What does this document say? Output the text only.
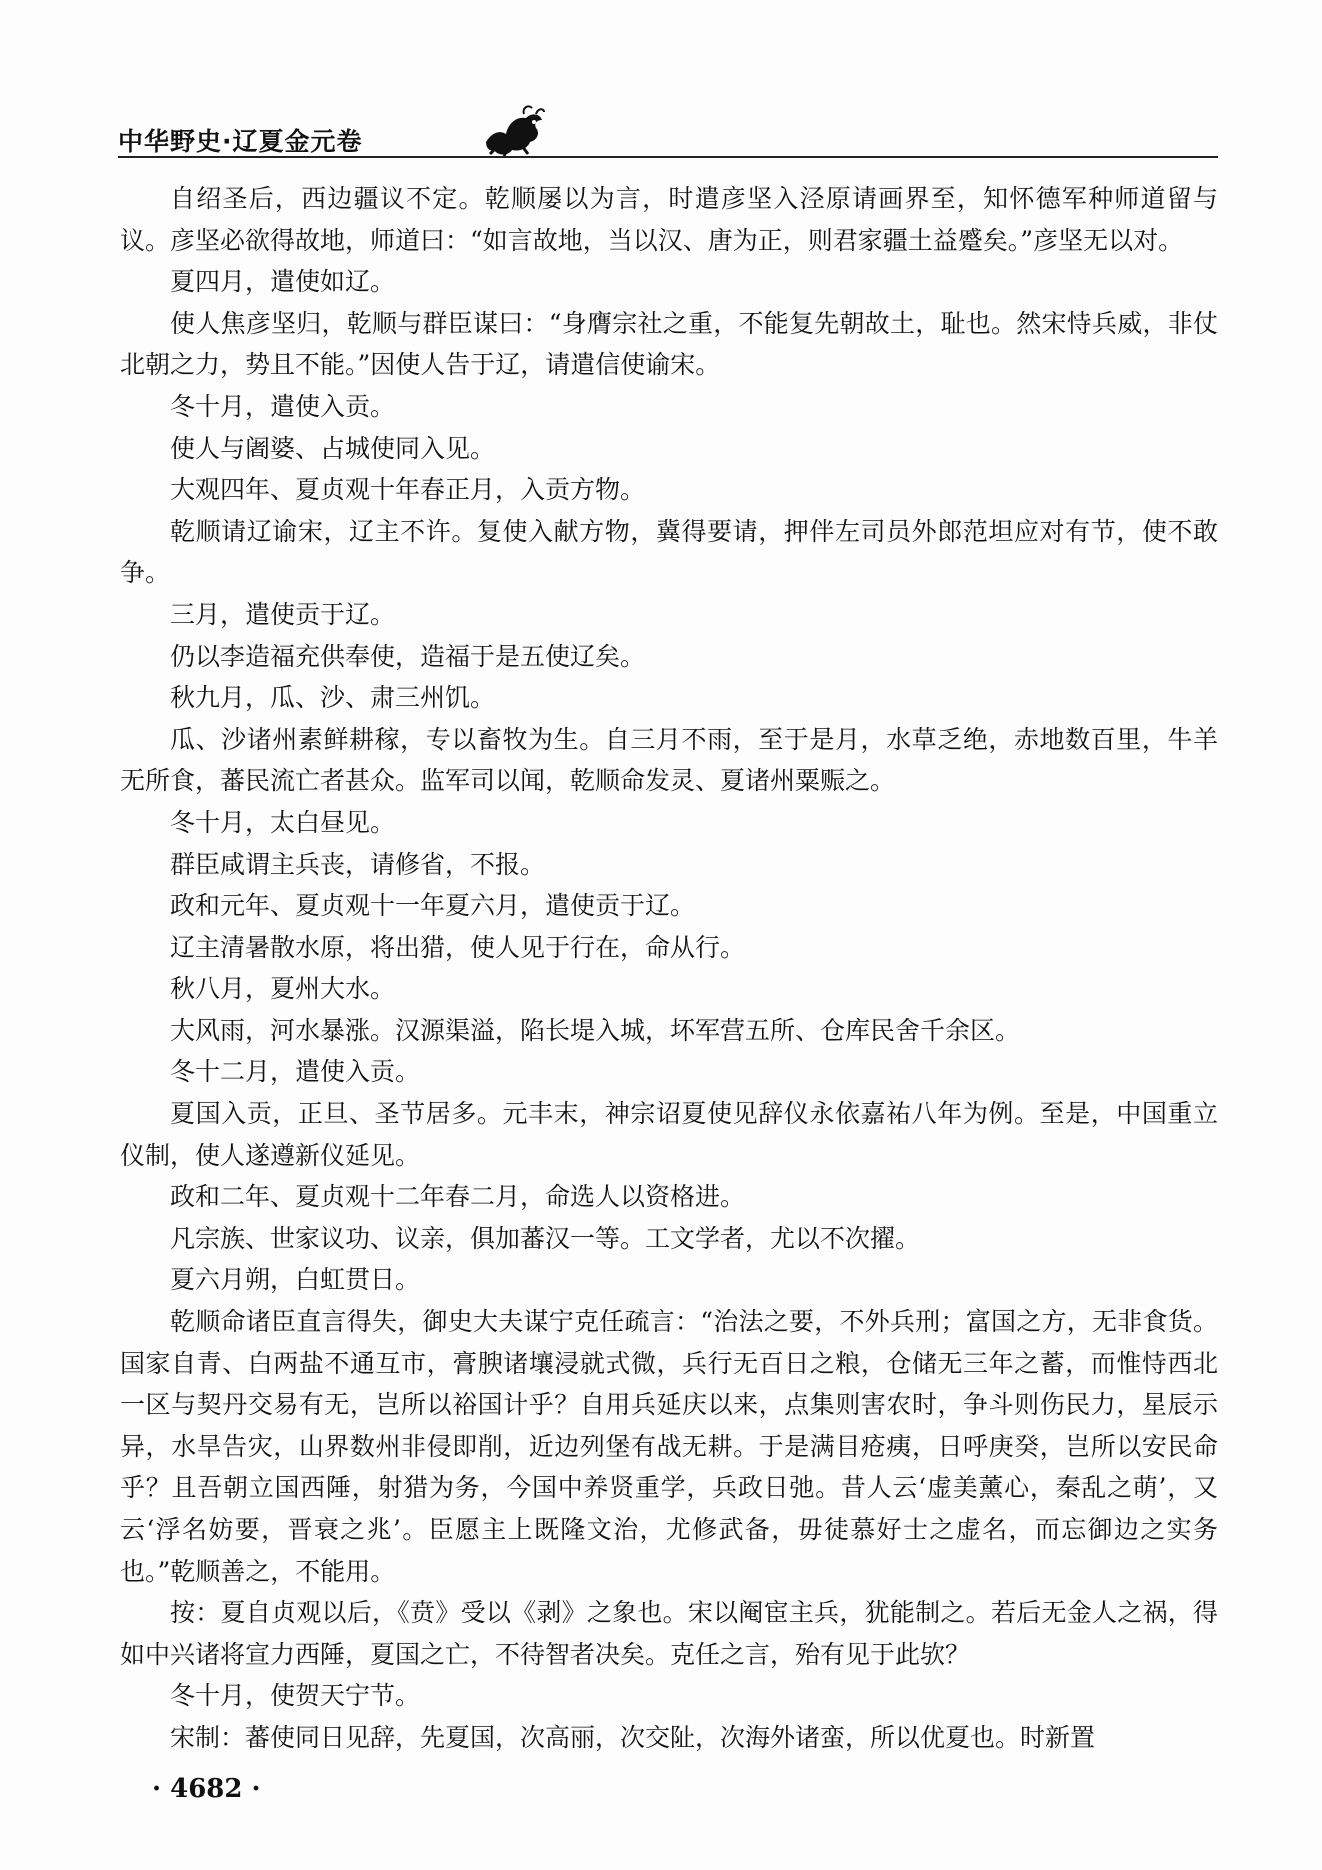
中华野史·辽夏金元卷

自绍圣后，西边疆议不定。乾顺屡以为言，时遣彦坚入泾原请画界至，知怀德军种师道留与议。彦坚必欲得故地，师道曰：“如言故地，当以汉、唐为正，则君家疆土益蹙矣。”彦坚无以对。

夏四月，遣使如辽。

使人焦彦坚归，乾顺与群臣谋曰：“身膺宗社之重，不能复先朝故土，耻也。然宋恃兵威，非仗北朝之力，势且不能。”因使人告于辽，请遣信使谕宋。

冬十月，遣使入贡。

使人与阇婆、占城使同入见。

大观四年、夏贞观十年春正月，入贡方物。

乾顺请辽谕宋，辽主不许。复使入献方物，冀得要请，押伴左司员外郎范坦应对有节，使不敢争。

三月，遣使贡于辽。

仍以李造福充供奉使，造福于是五使辽矣。

秋九月，瓜、沙、肃三州饥。

瓜、沙诸州素鲜耕稼，专以畜牧为生。自三月不雨，至于是月，水草乏绝，赤地数百里，牛羊无所食，蕃民流亡者甚众。监军司以闻，乾顺命发灵、夏诸州粟赈之。

冬十月，太白昼见。

群臣咸谓主兵丧，请修省，不报。

政和元年、夏贞观十一年夏六月，遣使贡于辽。

辽主清暑散水原，将出猎，使人见于行在，命从行。

秋八月，夏州大水。

大风雨，河水暴涨。汉源渠溢，陷长堤入城，坏军营五所、仓库民舍千余区。

冬十二月，遣使入贡。

夏国入贡，正旦、圣节居多。元丰末，神宗诏夏使见辞仪永依嘉祐八年为例。至是，中国重立仪制，使人遂遵新仪延见。

政和二年、夏贞观十二年春二月，命选人以资格进。

凡宗族、世家议功、议亲，俱加蕃汉一等。工文学者，尤以不次擢。

夏六月朔，白虹贯日。

乾顺命诸臣直言得失，御史大夫谋宁克任疏言：“治法之要，不外兵刑；富国之方，无非食货。国家自青、白两盐不通互市，膏腴诸壤浸就式微，兵行无百日之粮，仓储无三年之蓄，而惟恃西北一区与契丹交易有无，岂所以裕国计乎？自用兵延庆以来，点集则害农时，争斗则伤民力，星辰示异，水旱告灾，山界数州非侵即削，近边列堡有战无耕。于是满目疮痍，日呼庚癸，岂所以安民命乎？且吾朝立国西陲，射猎为务，今国中养贤重学，兵政日弛。昔人云‘虚美薰心，秦乱之萌’，又云‘浮名妨要，晋衰之兆’。臣愿主上既隆文治，尤修武备，毋徒慕好士之虚名，而忘御边之实务也。”乾顺善之，不能用。

按：夏自贞观以后，《贲》受以《剥》之象也。宋以阉宦主兵，犹能制之。若后无金人之祸，得如中兴诸将宣力西陲，夏国之亡，不待智者决矣。克任之言，殆有见于此欤？

冬十月，使贺天宁节。

宋制：蕃使同日见辞，先夏国，次高丽，次交阯，次海外诸蛮，所以优夏也。时新置

· 4682 ·
